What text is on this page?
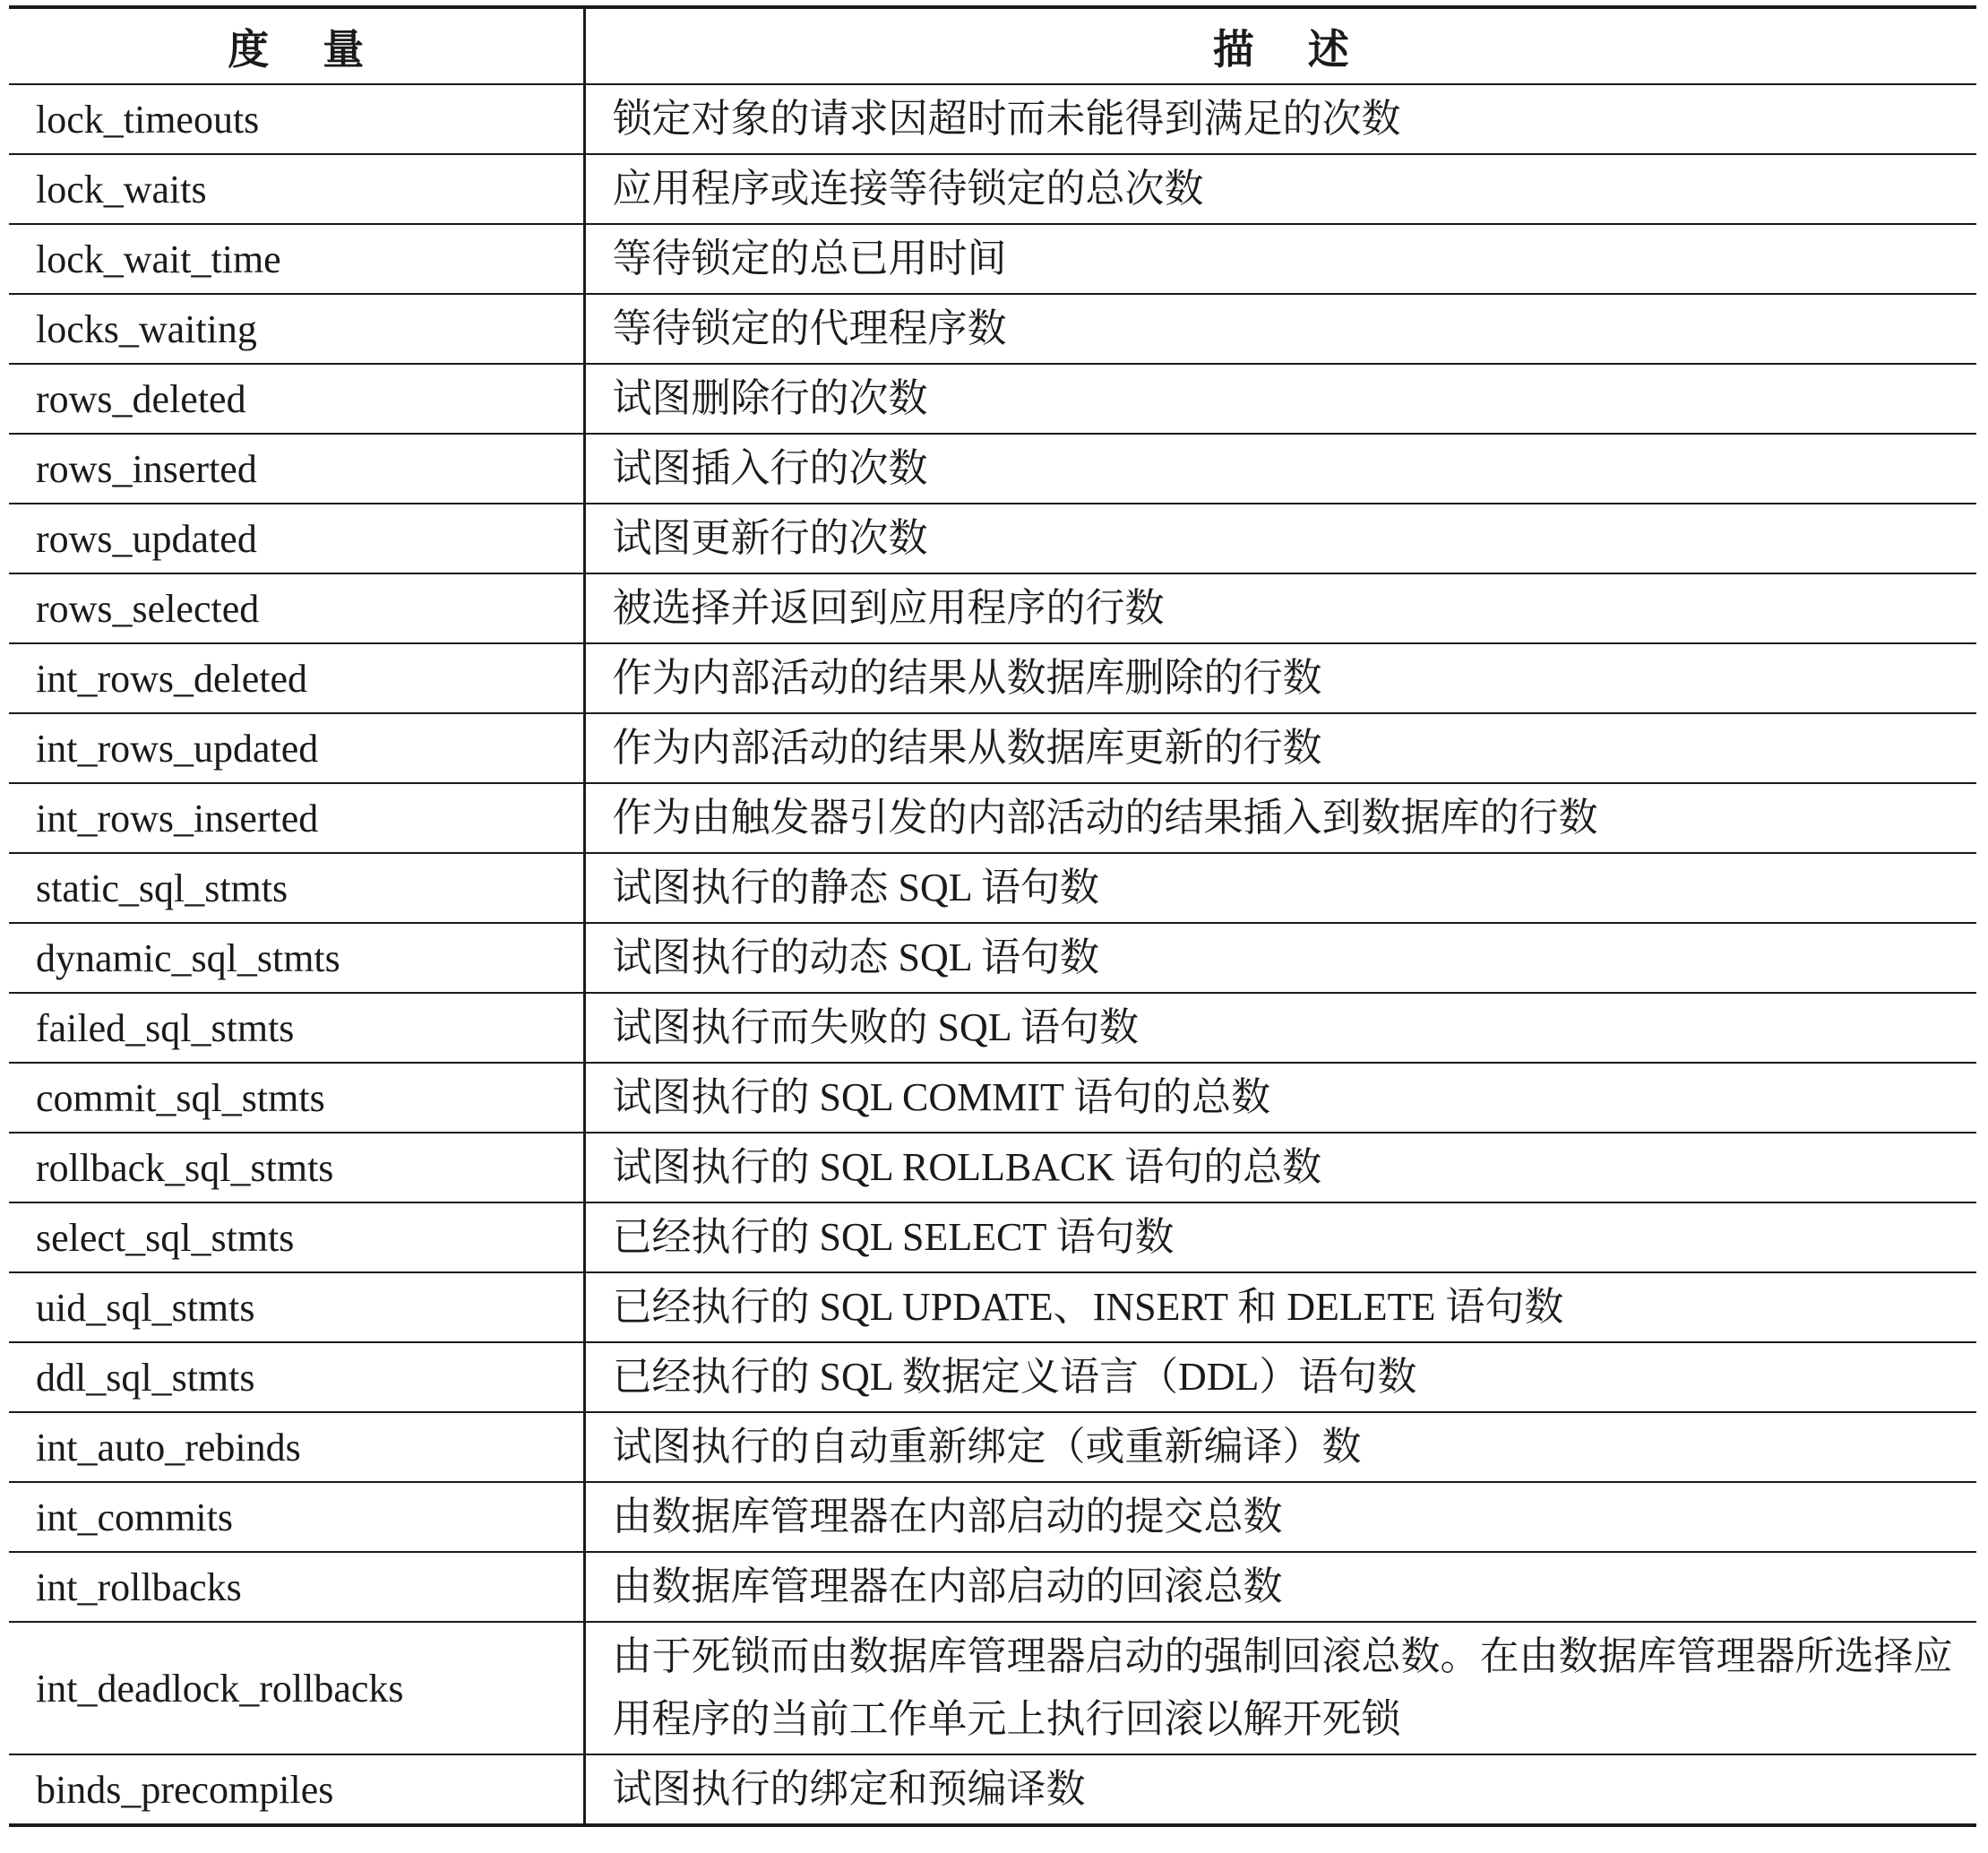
度量	描述
lock_timeouts	锁定对象的请求因超时而未能得到满足的次数
lock_waits	应用程序或连接等待锁定的总次数
lock_wait_time	等待锁定的总已用时间
locks_waiting	等待锁定的代理程序数
rows_deleted	试图删除行的次数
rows_inserted	试图插入行的次数
rows_updated	试图更新行的次数
rows_selected	被选择并返回到应用程序的行数
int_rows_deleted	作为内部活动的结果从数据库删除的行数
int_rows_updated	作为内部活动的结果从数据库更新的行数
int_rows_inserted	作为由触发器引发的内部活动的结果插入到数据库的行数
static_sql_stmts	试图执行的静态 SQL 语句数
dynamic_sql_stmts	试图执行的动态 SQL 语句数
failed_sql_stmts	试图执行而失败的 SQL 语句数
commit_sql_stmts	试图执行的 SQL COMMIT 语句的总数
rollback_sql_stmts	试图执行的 SQL ROLLBACK 语句的总数
select_sql_stmts	已经执行的 SQL SELECT 语句数
uid_sql_stmts	已经执行的 SQL UPDATE、INSERT 和 DELETE 语句数
ddl_sql_stmts	已经执行的 SQL 数据定义语言（DDL）语句数
int_auto_rebinds	试图执行的自动重新绑定（或重新编译）数
int_commits	由数据库管理器在内部启动的提交总数
int_rollbacks	由数据库管理器在内部启动的回滚总数
int_deadlock_rollbacks	由于死锁而由数据库管理器启动的强制回滚总数。在由数据库管理器所选择应用程序的当前工作单元上执行回滚以解开死锁
binds_precompiles	试图执行的绑定和预编译数
